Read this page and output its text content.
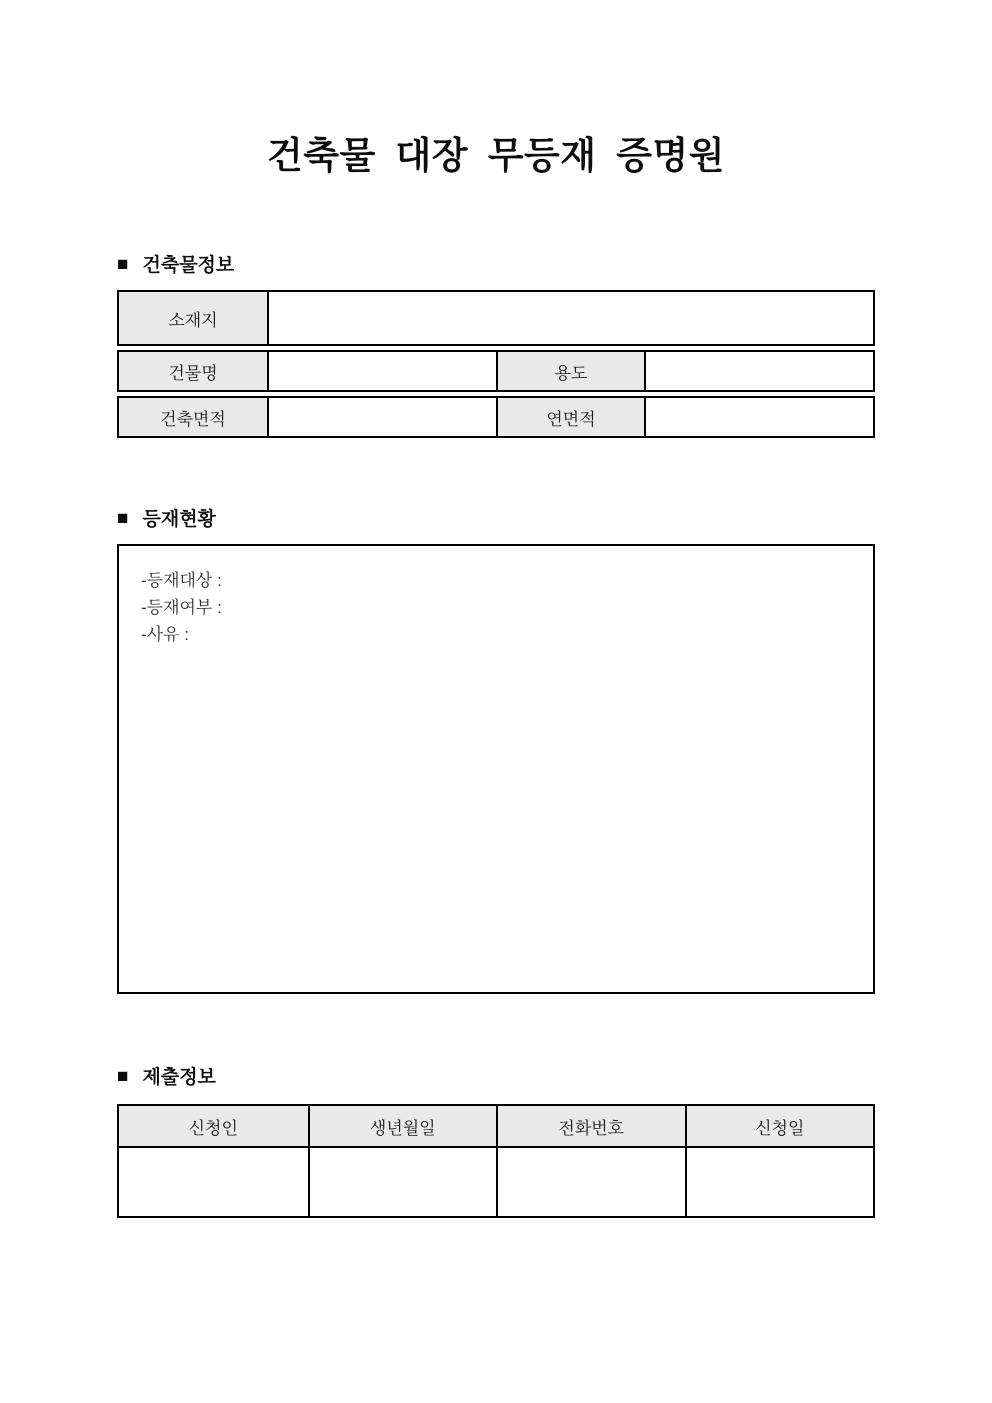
건축물 대장 무등재 증명원
■ 건축물정보
소재지
건물명	용도
건축면적	연면적
■ 등재현황
-등재대상 :
-등재여부 :
-사유 :
■ 제출정보
신청인	생년월일	전화번호	신청일
